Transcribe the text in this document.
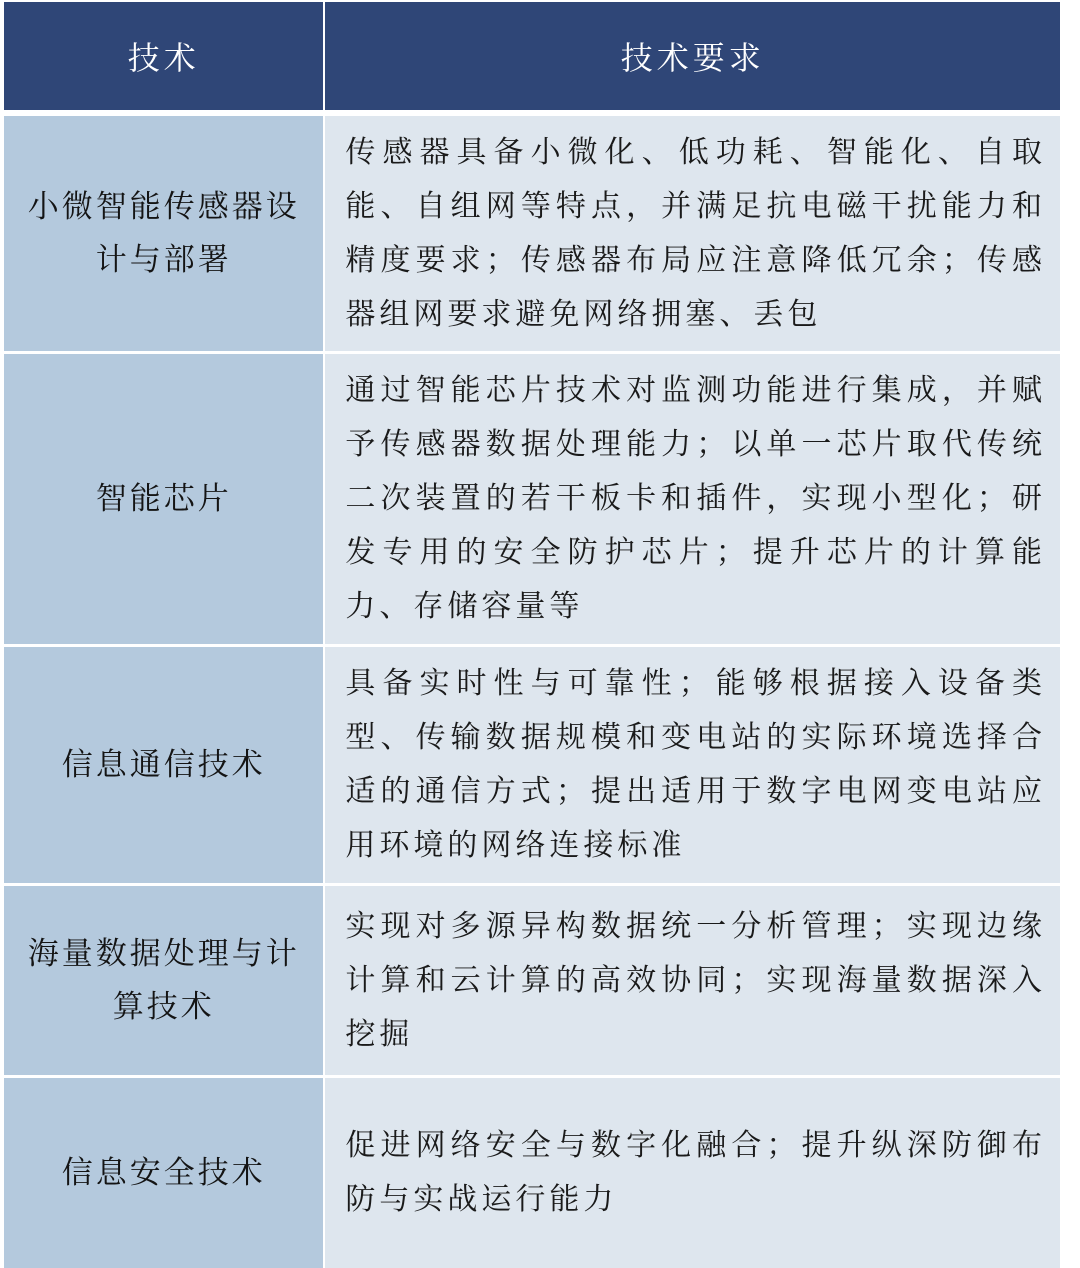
技术	技术要求
小微智能传感器设计与部署
传感器具备小微化、低功耗、智能化、自取能、自组网等特点，并满足抗电磁干扰能力和精度要求；传感器布局应注意降低冗余；传感器组网要求避免网络拥塞、丢包
智能芯片
通过智能芯片技术对监测功能进行集成，并赋予传感器数据处理能力；以单一芯片取代传统二次装置的若干板卡和插件，实现小型化；研发专用的安全防护芯片；提升芯片的计算能力、存储容量等
信息通信技术
具备实时性与可靠性；能够根据接入设备类型、传输数据规模和变电站的实际环境选择合适的通信方式；提出适用于数字电网变电站应用环境的网络连接标准
海量数据处理与计算技术
实现对多源异构数据统一分析管理；实现边缘计算和云计算的高效协同；实现海量数据深入挖掘
信息安全技术
促进网络安全与数字化融合；提升纵深防御布防与实战运行能力
